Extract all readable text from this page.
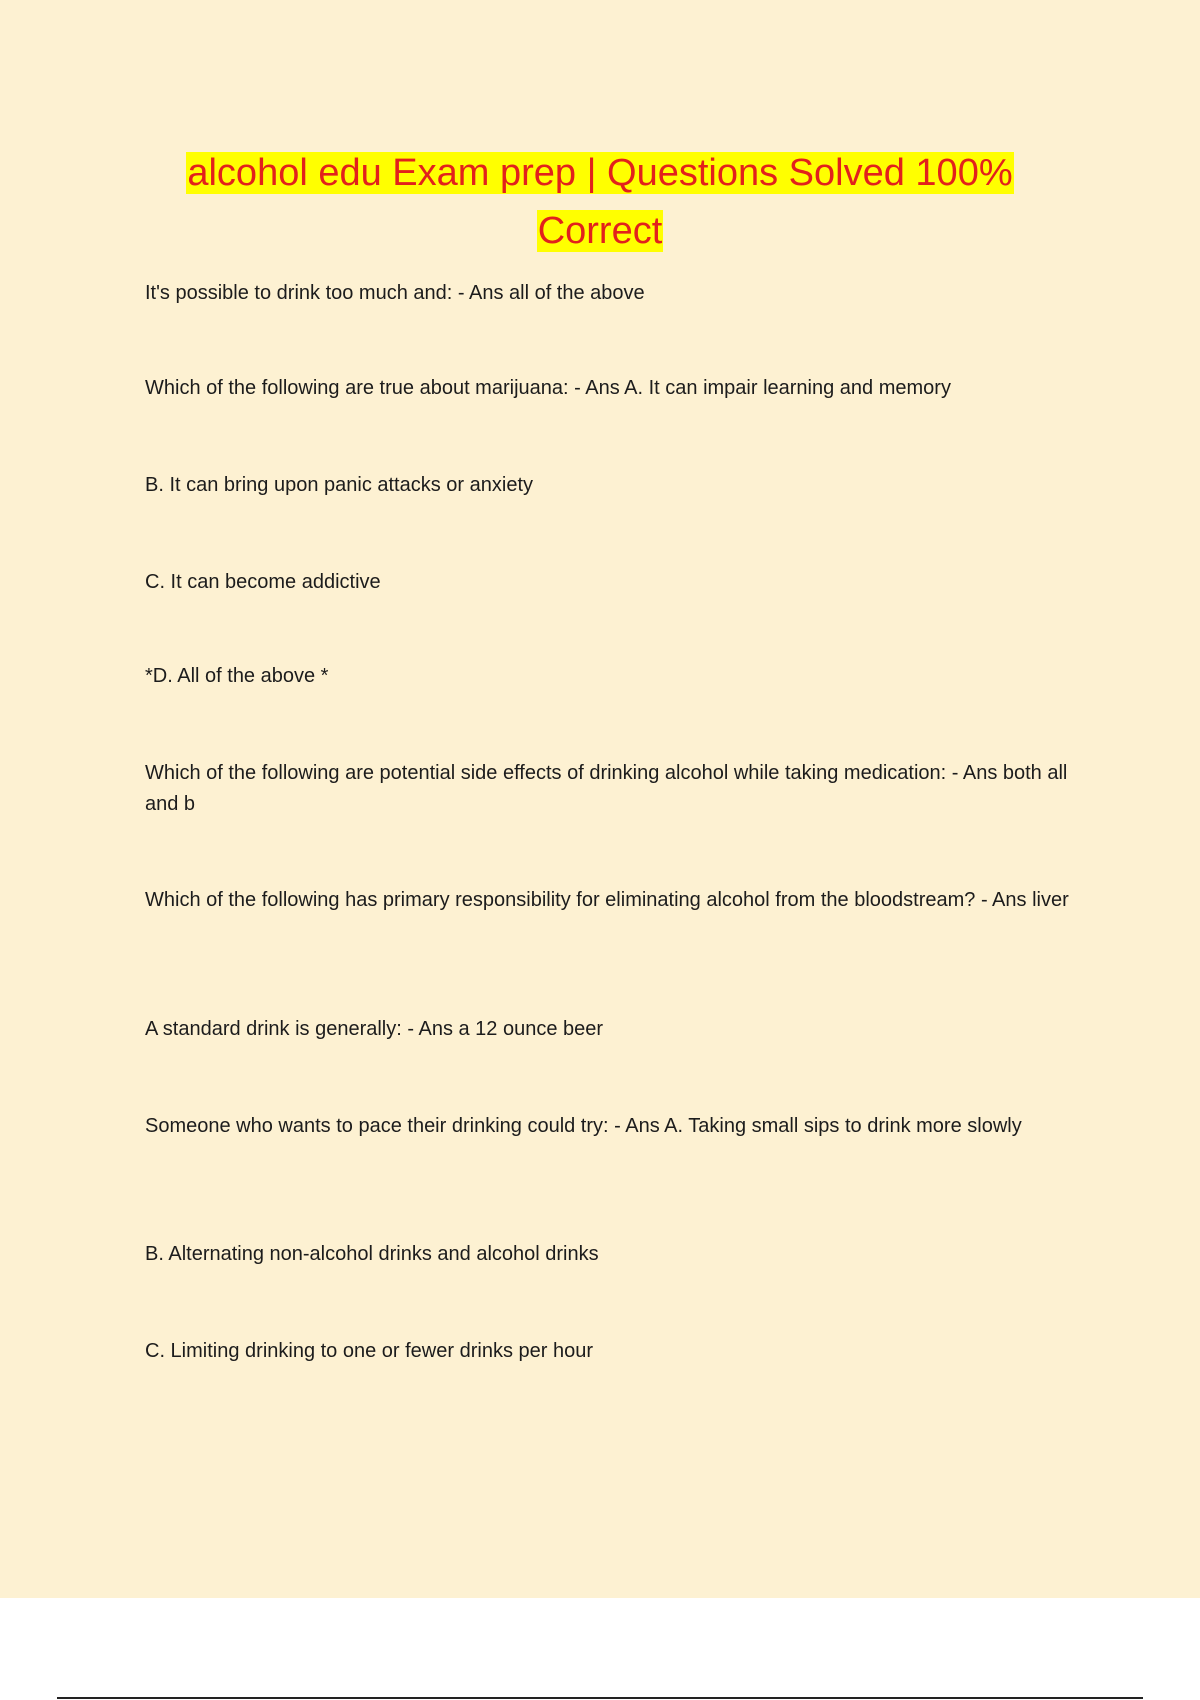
alcohol edu Exam prep | Questions Solved 100%
Correct

It's possible to drink too much and: - Ans all of the above

Which of the following are true about marijuana: - Ans A. It can impair learning and memory

B. It can bring upon panic attacks or anxiety

C. It can become addictive

*D. All of the above *

Which of the following are potential side effects of drinking alcohol while taking medication: - Ans both all and b

Which of the following has primary responsibility for eliminating alcohol from the bloodstream? - Ans liver

A standard drink is generally: - Ans a 12 ounce beer

Someone who wants to pace their drinking could try: - Ans A. Taking small sips to drink more slowly

B. Alternating non-alcohol drinks and alcohol drinks

C. Limiting drinking to one or fewer drinks per hour
